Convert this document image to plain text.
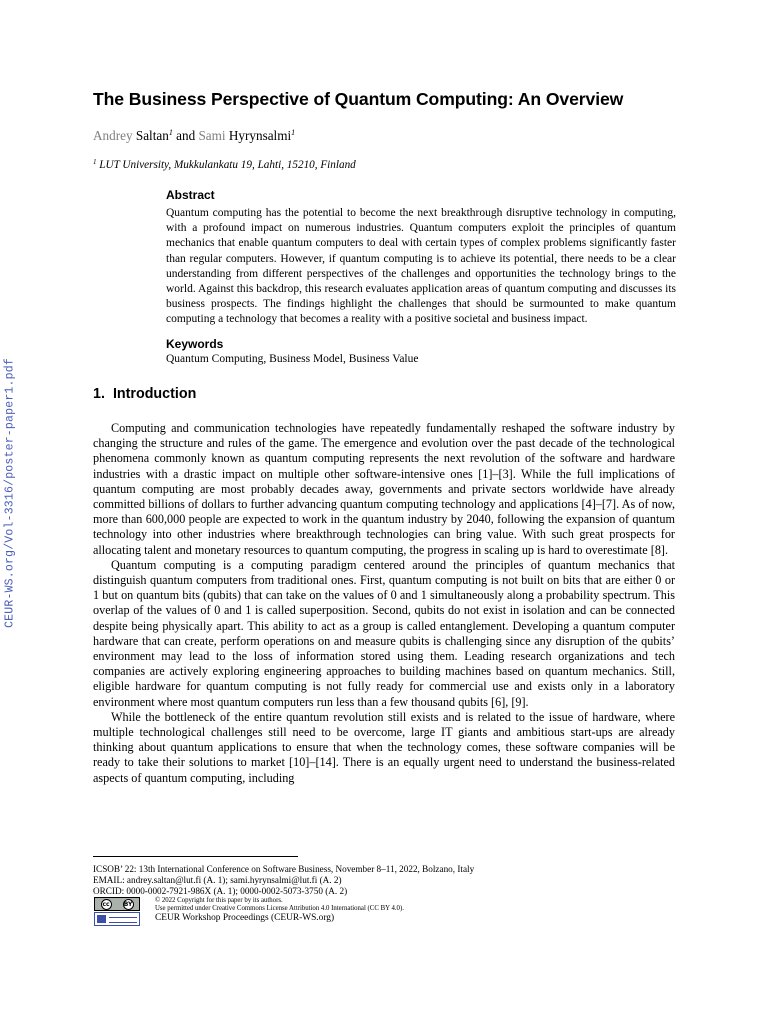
CEUR-WS.org/Vol-3316/poster-paper1.pdf
The Business Perspective of Quantum Computing: An Overview
Andrey Saltan$^1$ and Sami Hyrynsalmi$^1$
$^1$ LUT University, Mukkulankatu 19, Lahti, 15210, Finland
Abstract

Quantum computing has the potential to become the next breakthrough disruptive technology in computing, with a profound impact on numerous industries. Quantum computers exploit the principles of quantum mechanics that enable quantum computers to deal with certain types of complex problems significantly faster than regular computers. However, if quantum computing is to achieve its potential, there needs to be a clear understanding from different perspectives of the challenges and opportunities the technology brings to the world. Against this backdrop, this research evaluates application areas of quantum computing and discusses its business prospects. The findings highlight the challenges that should be surmounted to make quantum computing a technology that becomes a reality with a positive societal and business impact.

Keywords
Quantum Computing, Business Model, Business Value
1. Introduction

Computing and communication technologies have repeatedly fundamentally reshaped the software industry by changing the structure and rules of the game. The emergence and evolution over the past decade of the technological phenomena commonly known as quantum computing represents the next revolution of the software and hardware industries with a drastic impact on multiple other software-intensive ones [1]–[3]. While the full implications of quantum computing are most probably decades away, governments and private sectors worldwide have already committed billions of dollars to further advancing quantum computing technology and applications [4]–[7]. As of now, more than 600,000 people are expected to work in the quantum industry by 2040, following the expansion of quantum technology into other industries where breakthrough technologies can bring value. With such great prospects for allocating talent and monetary resources to quantum computing, the progress in scaling up is hard to overestimate [8].

Quantum computing is a computing paradigm centered around the principles of quantum mechanics that distinguish quantum computers from traditional ones. First, quantum computing is not built on bits that are either 0 or 1 but on quantum bits (qubits) that can take on the values of 0 and 1 simultaneously along a probability spectrum. This overlap of the values of 0 and 1 is called superposition. Second, qubits do not exist in isolation and can be connected despite being physically apart. This ability to act as a group is called entanglement. Developing a quantum computer hardware that can create, perform operations on and measure qubits is challenging since any disruption of the qubits’ environment may lead to the loss of information stored using them. Leading research organizations and tech companies are actively exploring engineering approaches to building machines based on quantum mechanics. Still, eligible hardware for quantum computing is not fully ready for commercial use and exists only in a laboratory environment where most quantum computers run less than a few thousand qubits [6], [9].

While the bottleneck of the entire quantum revolution still exists and is related to the issue of hardware, where multiple technological challenges still need to be overcome, large IT giants and ambitious start-ups are already thinking about quantum applications to ensure that when the technology comes, these software companies will be ready to take their solutions to market [10]–[14]. There is an equally urgent need to understand the business-related aspects of quantum computing, including

ICSOB’ 22: 13th International Conference on Software Business, November 8–11, 2022, Bolzano, Italy
EMAIL: andrey.saltan@lut.fi (A. 1); sami.hyrynsalmi@lut.fi (A. 2)
ORCID: 0000-0002-7921-986X (A. 1); 0000-0002-5073-3750 (A. 2)
cc	BY	© 2022 Copyright for this paper by its authors.
Use permitted under Creative Commons License Attribution 4.0 International (CC BY 4.0).
CEUR Workshop Proceedings (CEUR-WS.org)
